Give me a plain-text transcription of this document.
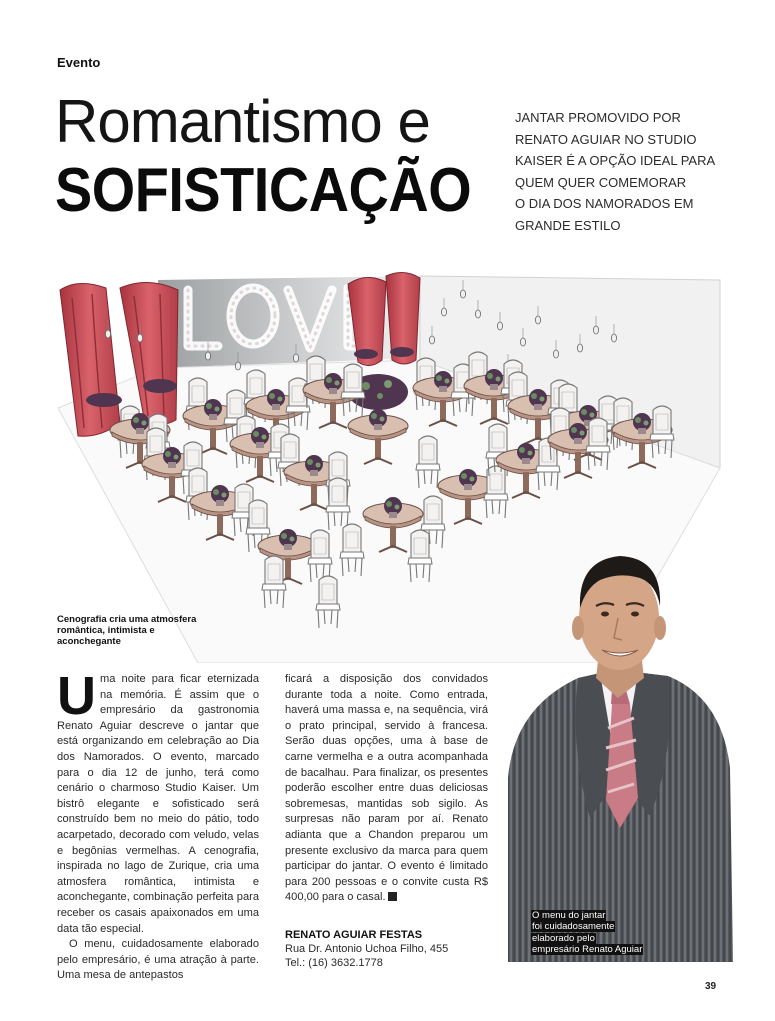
Evento
Romantismo e
SOFISTICAÇÃO
JANTAR PROMOVIDO POR
RENATO AGUIAR NO STUDIO
KAISER É A OPÇÃO IDEAL PARA
QUEM QUER COMEMORAR
O DIA DOS NAMORADOS EM
GRANDE ESTILO
Cenografia cria uma atmosfera romântica, intimista e aconchegante

Uma noite para ficar eternizada na memória. É assim que o empresário da gastronomia Renato Aguiar descreve o jantar que está organizando em celebração ao Dia dos Namorados. O evento, marcado para o dia 12 de junho, terá como cenário o charmoso Studio Kaiser. Um bistrô elegante e sofisticado será construído bem no meio do pátio, todo acarpetado, decorado com veludo, velas e begônias vermelhas. A cenografia, inspirada no lago de Zurique, cria uma atmosfera romântica, intimista e aconchegante, combinação perfeita para receber os casais apaixonados em uma data tão especial.

O menu, cuidadosamente elaborado pelo empresário, é uma atração à parte. Uma mesa de antepastos

ficará a disposição dos convidados durante toda a noite. Como entrada, haverá uma massa e, na sequência, virá o prato principal, servido à francesa. Serão duas opções, uma à base de carne vermelha e a outra acompanhada de bacalhau. Para finalizar, os presentes poderão escolher entre duas deliciosas sobremesas, mantidas sob sigilo. As surpresas não param por aí. Renato adianta que a Chandon preparou um presente exclusivo da marca para quem participar do jantar. O evento é limitado para 200 pessoas e o convite custa R$ 400,00 para o casal.

RENATO AGUIAR FESTAS
Rua Dr. Antonio Uchoa Filho, 455
Tel.: (16) 3632.1778
O menu do jantar
foi cuidadosamente
elaborado pelo
empresário Renato Aguiar
39
